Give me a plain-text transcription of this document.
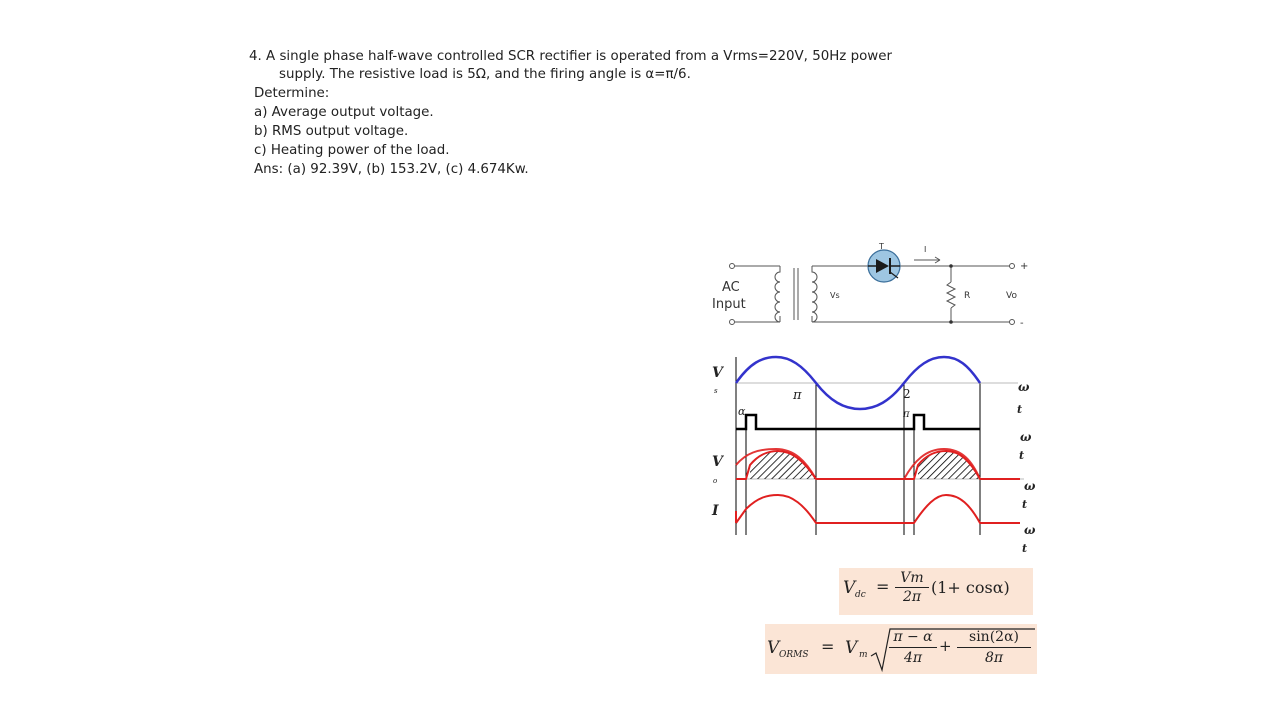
4. A single phase half-wave controlled SCR rectifier is operated from a Vrms=220V, 50Hz power
supply. The resistive load is 5Ω, and the firing angle is α=π/6.
Determine:
a) Average output voltage.
b) RMS output voltage.
c) Heating power of the load.
Ans: (a) 92.39V, (b) 153.2V, (c) 4.674Kw.
AC
Input
T	I
Vs	R	Vo
+
-
V
s
V
o
I
α
π	2
π
ω
t
ω
t
ω
t
ω
t
V dc = $\frac{Vm}{2\pi} (1+ \cos\alpha)$
V ORMS = V m $\frac{\pi - \alpha}{4\pi} + \frac{\sin(2\alpha)}{8\pi}$
